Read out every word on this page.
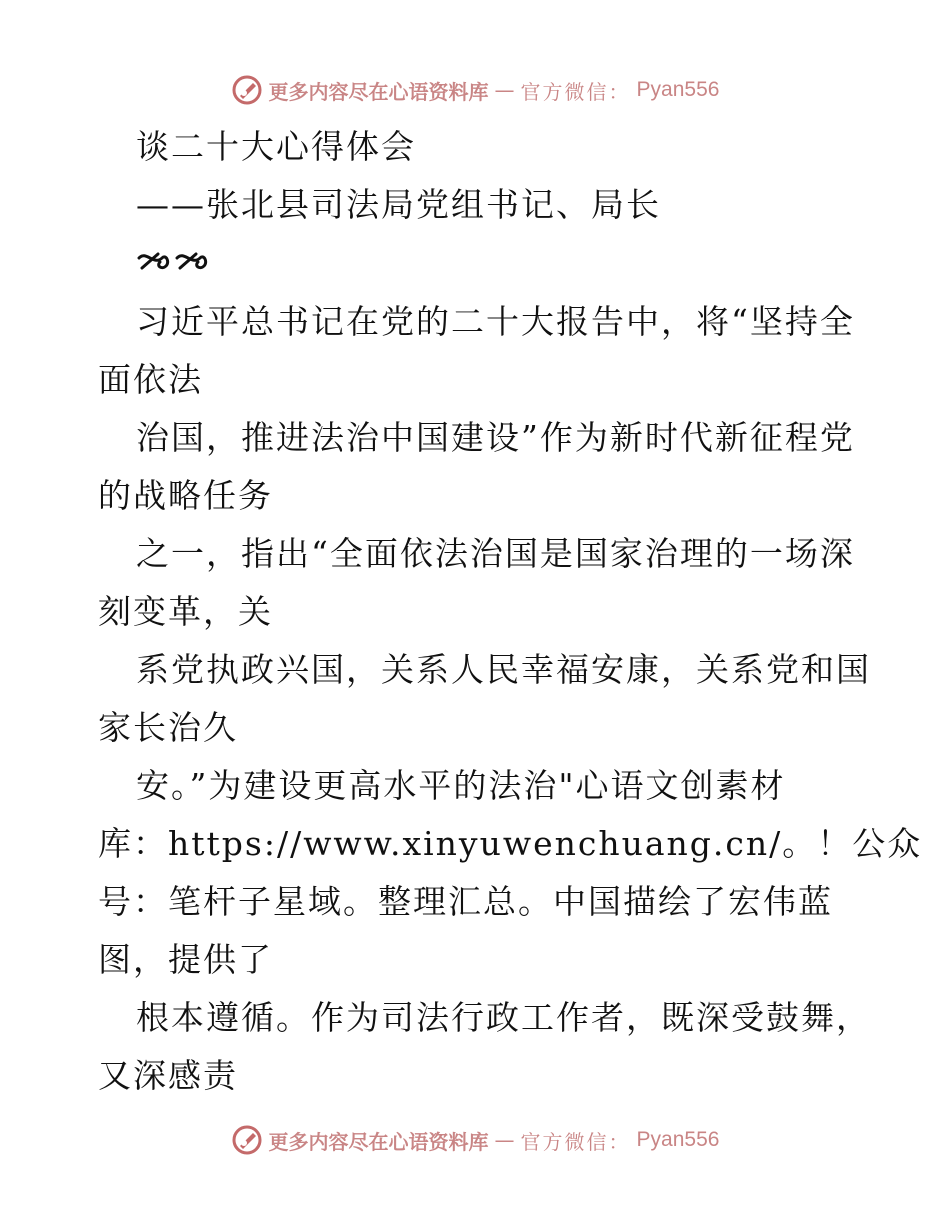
更多内容尽在心语资料库 — 官方微信： Pyan556
谈二十大心得体会
——张北县司法局党组书记、局长
习近平总书记在党的二十大报告中，将“坚持全
面依法
治国，推进法治中国建设”作为新时代新征程党
的战略任务
之一，指出“全面依法治国是国家治理的一场深
刻变革，关
系党执政兴国，关系人民幸福安康，关系党和国
家长治久
安。”为建设更高水平的法治"心语文创素材
库：https://www.xinyuwenchuang.cn/。！公众
号：笔杆子星域。整理汇总。中国描绘了宏伟蓝
图，提供了
根本遵循。作为司法行政工作者，既深受鼓舞，
又深感责
更多内容尽在心语资料库 — 官方微信： Pyan556
